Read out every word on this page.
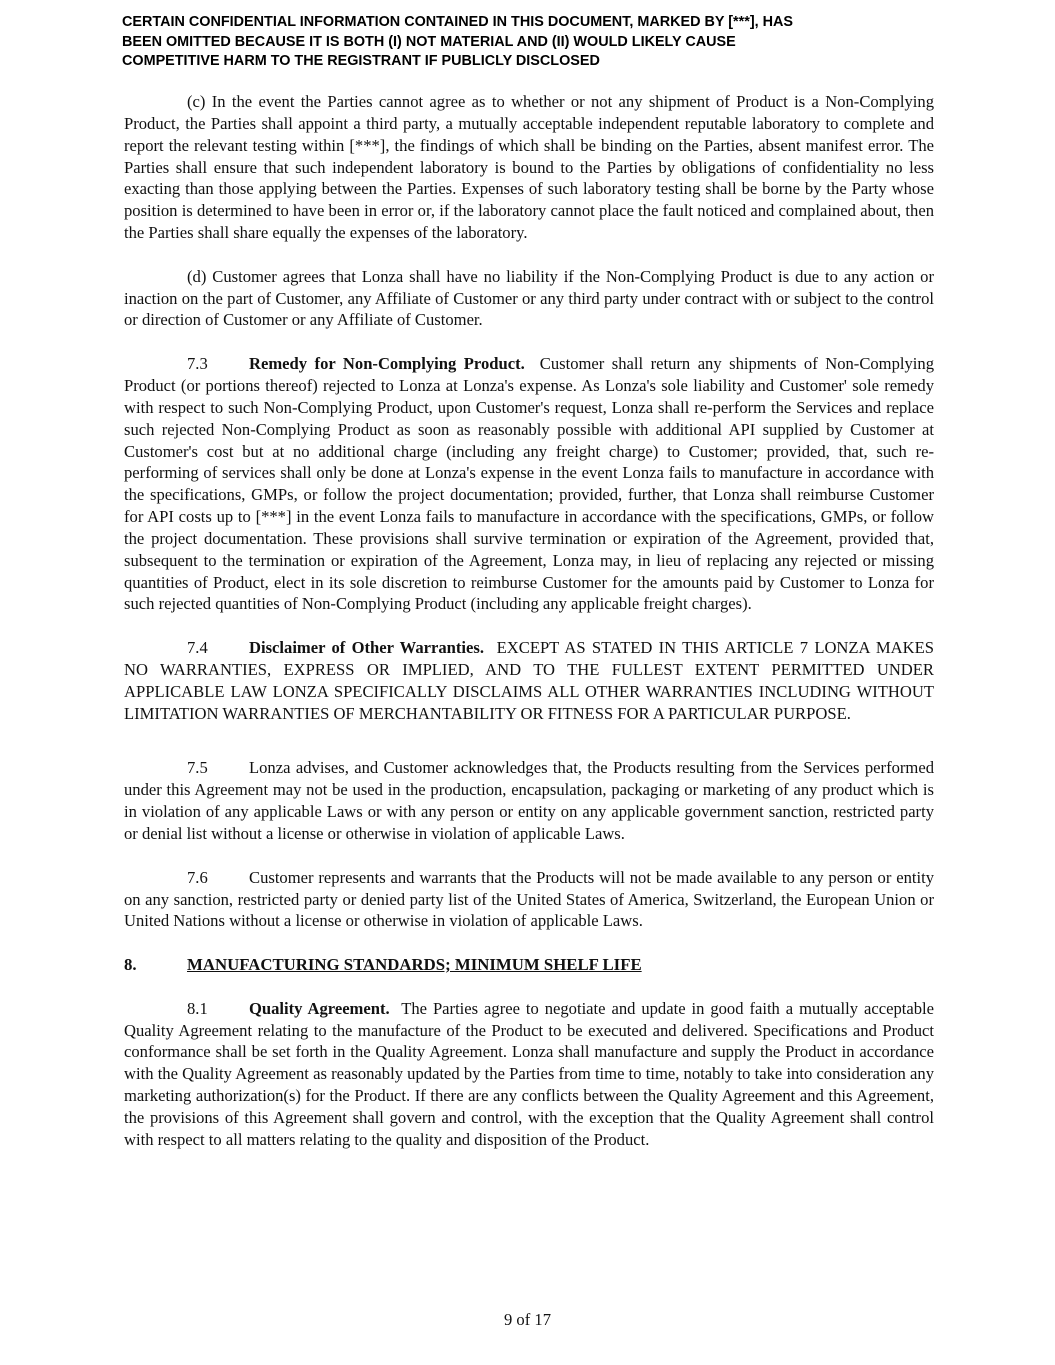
CERTAIN CONFIDENTIAL INFORMATION CONTAINED IN THIS DOCUMENT, MARKED BY [***], HAS
BEEN OMITTED BECAUSE IT IS BOTH (I) NOT MATERIAL AND (II) WOULD LIKELY CAUSE
COMPETITIVE HARM TO THE REGISTRANT IF PUBLICLY DISCLOSED

(c) In the event the Parties cannot agree as to whether or not any shipment of Product is a Non-Complying Product, the Parties shall appoint a third party, a mutually acceptable independent reputable laboratory to complete and report the relevant testing within [***], the findings of which shall be binding on the Parties, absent manifest error. The Parties shall ensure that such independent laboratory is bound to the Parties by obligations of confidentiality no less exacting than those applying between the Parties. Expenses of such laboratory testing shall be borne by the Party whose position is determined to have been in error or, if the laboratory cannot place the fault noticed and complained about, then the Parties shall share equally the expenses of the laboratory.

(d) Customer agrees that Lonza shall have no liability if the Non-Complying Product is due to any action or inaction on the part of Customer, any Affiliate of Customer or any third party under contract with or subject to the control or direction of Customer or any Affiliate of Customer.

7.3 Remedy for Non-Complying Product. Customer shall return any shipments of Non-Complying Product (or portions thereof) rejected to Lonza at Lonza's expense. As Lonza's sole liability and Customer' sole remedy with respect to such Non-Complying Product, upon Customer's request, Lonza shall re-perform the Services and replace such rejected Non-Complying Product as soon as reasonably possible with additional API supplied by Customer at Customer's cost but at no additional charge (including any freight charge) to Customer; provided, that, such re-performing of services shall only be done at Lonza's expense in the event Lonza fails to manufacture in accordance with the specifications, GMPs, or follow the project documentation; provided, further, that Lonza shall reimburse Customer for API costs up to [***] in the event Lonza fails to manufacture in accordance with the specifications, GMPs, or follow the project documentation. These provisions shall survive termination or expiration of the Agreement, provided that, subsequent to the termination or expiration of the Agreement, Lonza may, in lieu of replacing any rejected or missing quantities of Product, elect in its sole discretion to reimburse Customer for the amounts paid by Customer to Lonza for such rejected quantities of Non-Complying Product (including any applicable freight charges).

7.4 Disclaimer of Other Warranties. EXCEPT AS STATED IN THIS ARTICLE 7 LONZA MAKES NO WARRANTIES, EXPRESS OR IMPLIED, AND TO THE FULLEST EXTENT PERMITTED UNDER APPLICABLE LAW LONZA SPECIFICALLY DISCLAIMS ALL OTHER WARRANTIES INCLUDING WITHOUT LIMITATION WARRANTIES OF MERCHANTABILITY OR FITNESS FOR A PARTICULAR PURPOSE.

7.5 Lonza advises, and Customer acknowledges that, the Products resulting from the Services performed under this Agreement may not be used in the production, encapsulation, packaging or marketing of any product which is in violation of any applicable Laws or with any person or entity on any applicable government sanction, restricted party or denial list without a license or otherwise in violation of applicable Laws.

7.6 Customer represents and warrants that the Products will not be made available to any person or entity on any sanction, restricted party or denied party list of the United States of America, Switzerland, the European Union or United Nations without a license or otherwise in violation of applicable Laws.

8.	MANUFACTURING STANDARDS; MINIMUM SHELF LIFE

8.1 Quality Agreement. The Parties agree to negotiate and update in good faith a mutually acceptable Quality Agreement relating to the manufacture of the Product to be executed and delivered. Specifications and Product conformance shall be set forth in the Quality Agreement. Lonza shall manufacture and supply the Product in accordance with the Quality Agreement as reasonably updated by the Parties from time to time, notably to take into consideration any marketing authorization(s) for the Product. If there are any conflicts between the Quality Agreement and this Agreement, the provisions of this Agreement shall govern and control, with the exception that the Quality Agreement shall control with respect to all matters relating to the quality and disposition of the Product.

9 of 17
